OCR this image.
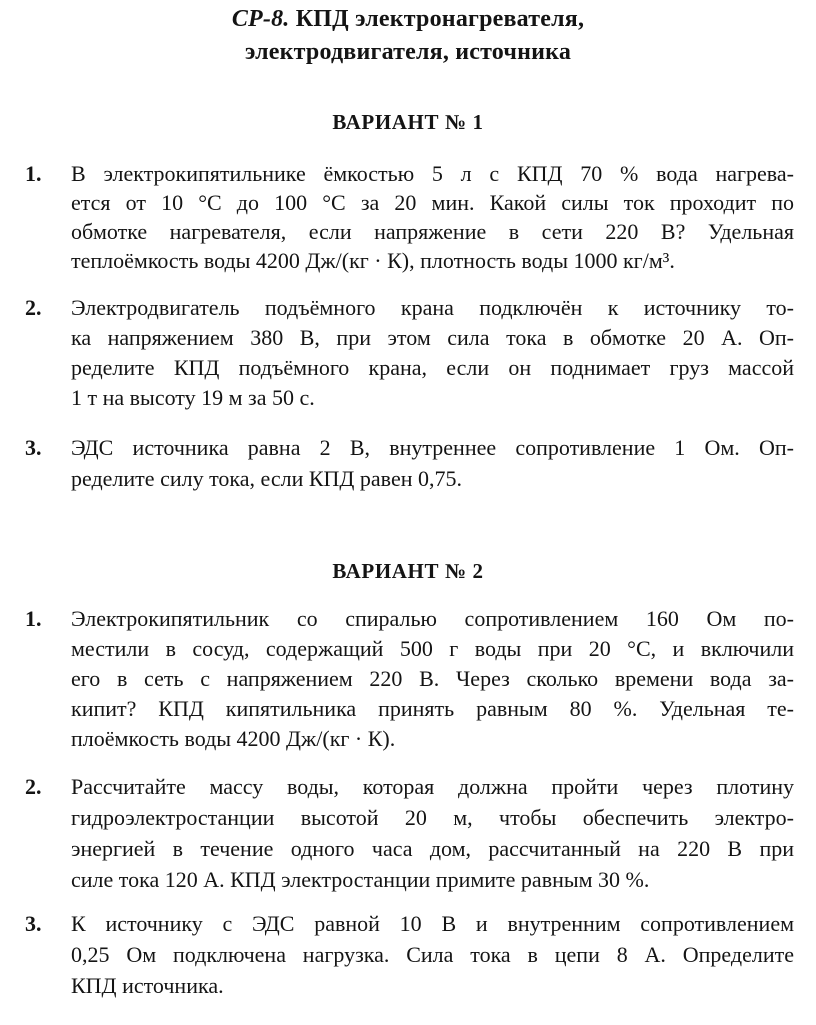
СР-8. КПД электронагревателя,
электродвигателя, источника
ВАРИАНТ № 1
1. В электрокипятильнике ёмкостью 5 л с КПД 70 % вода нагрева-
ется от 10 °С до 100 °С за 20 мин. Какой силы ток проходит по
обмотке нагревателя, если напряжение в сети 220 В? Удельная
теплоёмкость воды 4200 Дж/(кг · К), плотность воды 1000 кг/м³.
2. Электродвигатель подъёмного крана подключён к источнику то-
ка напряжением 380 В, при этом сила тока в обмотке 20 А. Оп-
ределите КПД подъёмного крана, если он поднимает груз массой
1 т на высоту 19 м за 50 с.
3. ЭДС источника равна 2 В, внутреннее сопротивление 1 Ом. Оп-
ределите силу тока, если КПД равен 0,75.
ВАРИАНТ № 2
1. Электрокипятильник со спиралью сопротивлением 160 Ом по-
местили в сосуд, содержащий 500 г воды при 20 °С, и включили
его в сеть с напряжением 220 В. Через сколько времени вода за-
кипит? КПД кипятильника принять равным 80 %. Удельная те-
плоёмкость воды 4200 Дж/(кг · К).
2. Рассчитайте массу воды, которая должна пройти через плотину
гидроэлектростанции высотой 20 м, чтобы обеспечить электро-
энергией в течение одного часа дом, рассчитанный на 220 В при
силе тока 120 А. КПД электростанции примите равным 30 %.
3. К источнику с ЭДС равной 10 В и внутренним сопротивлением
0,25 Ом подключена нагрузка. Сила тока в цепи 8 А. Определите
КПД источника.
